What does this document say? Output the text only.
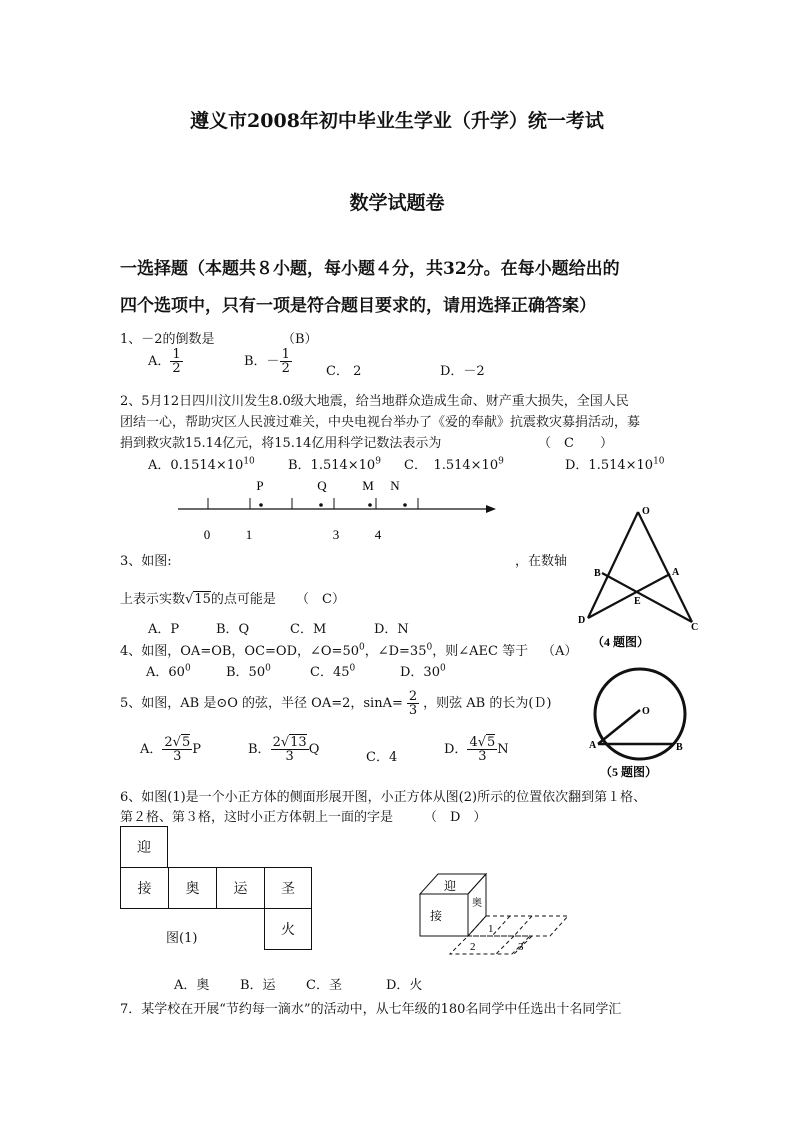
遵义市2008年初中毕业生学业（升学）统一考试
数学试题卷
一选择题（本题共８小题，每小题４分，共32分。在每小题给出的
四个选项中，只有一项是符合题目要求的，请用选择正确答案）
1、－2的倒数是	（B）
A． $\frac{1}{2}$	B．－ $\frac{1}{2}$	C． 2	D．－2
2、5月12日四川汶川发生8.0级大地震，给当地群众造成生命、财产重大损失，全国人民
团结一心，帮助灾区人民渡过难关，中央电视台举办了《爱的奉献》抗震救灾募捐活动，募
捐到救灾款15.14亿元，将15.14亿用科学记数法表示为	（　C　　）
A．$0.1514\times 10^{10}$	B．$1.514\times 10^9$ C．　$1.514\times 10^9$	D．$1.514\times 10^{10}$
P	Q	M N
0	1	3	4
O
B	A
E
D
C
（4 题图）
3、如图:	，在数轴
上表示实数√15的点可能是 （　C）
A．P	B．Q	C．M	D．N
4、如图，OA=OB，OC=OD，$\angle O=50^0$，$\angle D=35^0$，则∠AEC 等于 （A）
A．$60^0$	B．$50^0$	C．$45^0$	D．$30^0$
5、如图，AB 是⊙O 的弦，半径 OA=2，$\sin A= \frac{2}{3}$ ，则弦 AB 的长为(Ｄ)
A． $\frac{2√5}{3}$ P	B． $\frac{2√13}{3}$ Q
C．4
D． $\frac{4√5}{3}$ N
O
A	B
（5 题图）
6、如图(1)是一个小正方体的侧面形展开图，小正方体从图(2)所示的位置依次翻到第１格、
第２格、第３格，这时小正方体朝上一面的字是 （　D　）
迎
接	奥	运	圣
火
图(1)
迎
接
奥
1
2	3
A．奥 B．运 C．圣	D．火
7．某学校在开展“节约每一滴水”的活动中，从七年级的180名同学中任选出十名同学汇
